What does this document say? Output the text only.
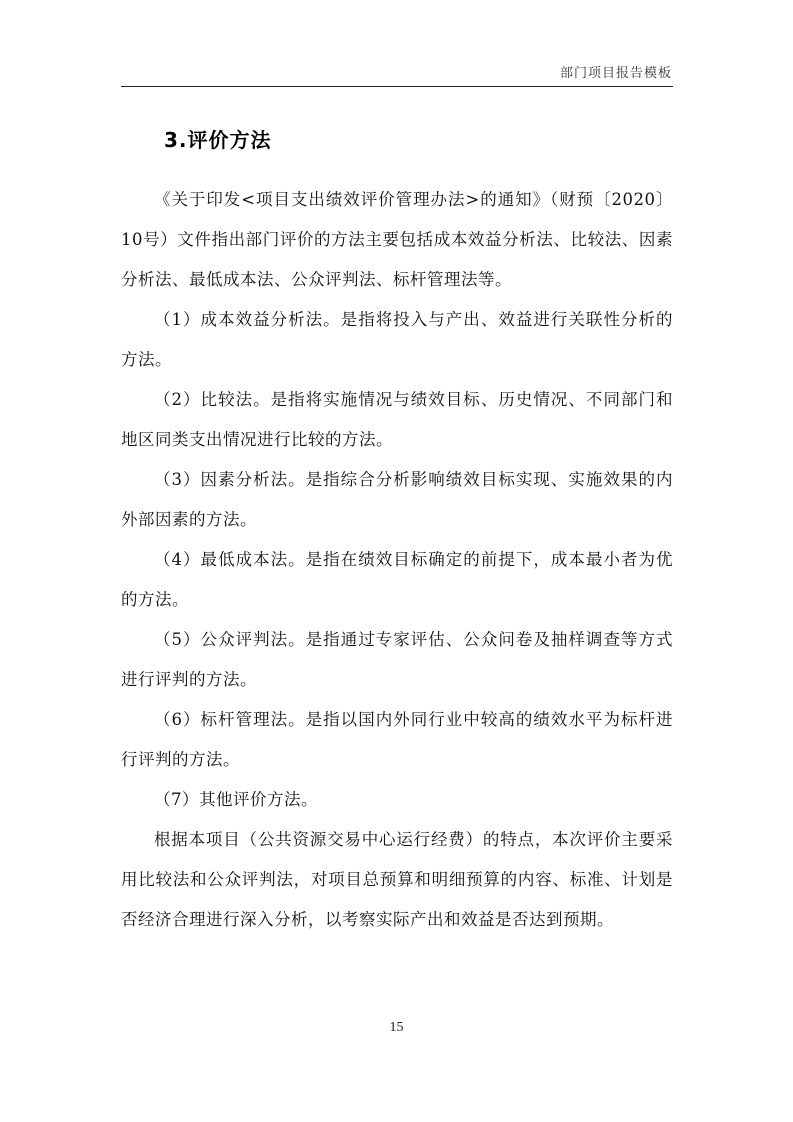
部门项目报告模板
3.评价方法

《关于印发<项目支出绩效评价管理办法>的通知》（财预〔2020〕10号）文件指出部门评价的方法主要包括成本效益分析法、比较法、因素分析法、最低成本法、公众评判法、标杆管理法等。

（1）成本效益分析法。是指将投入与产出、效益进行关联性分析的方法。

（2）比较法。是指将实施情况与绩效目标、历史情况、不同部门和地区同类支出情况进行比较的方法。

（3）因素分析法。是指综合分析影响绩效目标实现、实施效果的内外部因素的方法。

（4）最低成本法。是指在绩效目标确定的前提下，成本最小者为优的方法。

（5）公众评判法。是指通过专家评估、公众问卷及抽样调查等方式进行评判的方法。

（6）标杆管理法。是指以国内外同行业中较高的绩效水平为标杆进行评判的方法。

（7）其他评价方法。

根据本项目（公共资源交易中心运行经费）的特点，本次评价主要采用比较法和公众评判法，对项目总预算和明细预算的内容、标准、计划是否经济合理进行深入分析，以考察实际产出和效益是否达到预期。

15
